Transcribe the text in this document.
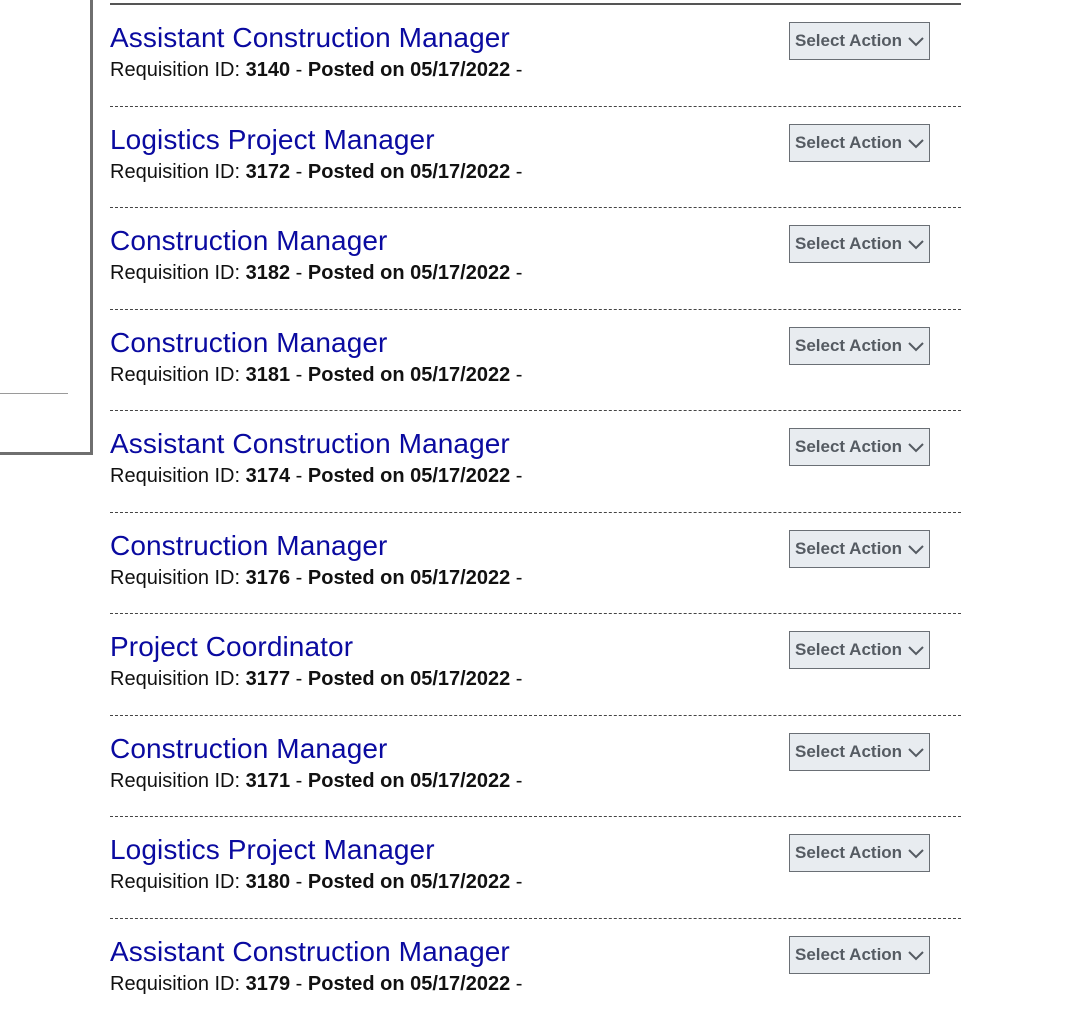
Assistant Construction Manager
Requisition ID: 3140 - Posted on 05/17/2022 -
Select Action
Logistics Project Manager
Requisition ID: 3172 - Posted on 05/17/2022 -
Select Action
Construction Manager
Requisition ID: 3182 - Posted on 05/17/2022 -
Select Action
Construction Manager
Requisition ID: 3181 - Posted on 05/17/2022 -
Select Action
Assistant Construction Manager
Requisition ID: 3174 - Posted on 05/17/2022 -
Select Action
Construction Manager
Requisition ID: 3176 - Posted on 05/17/2022 -
Select Action
Project Coordinator
Requisition ID: 3177 - Posted on 05/17/2022 -
Select Action
Construction Manager
Requisition ID: 3171 - Posted on 05/17/2022 -
Select Action
Logistics Project Manager
Requisition ID: 3180 - Posted on 05/17/2022 -
Select Action
Assistant Construction Manager
Requisition ID: 3179 - Posted on 05/17/2022 -
Select Action
